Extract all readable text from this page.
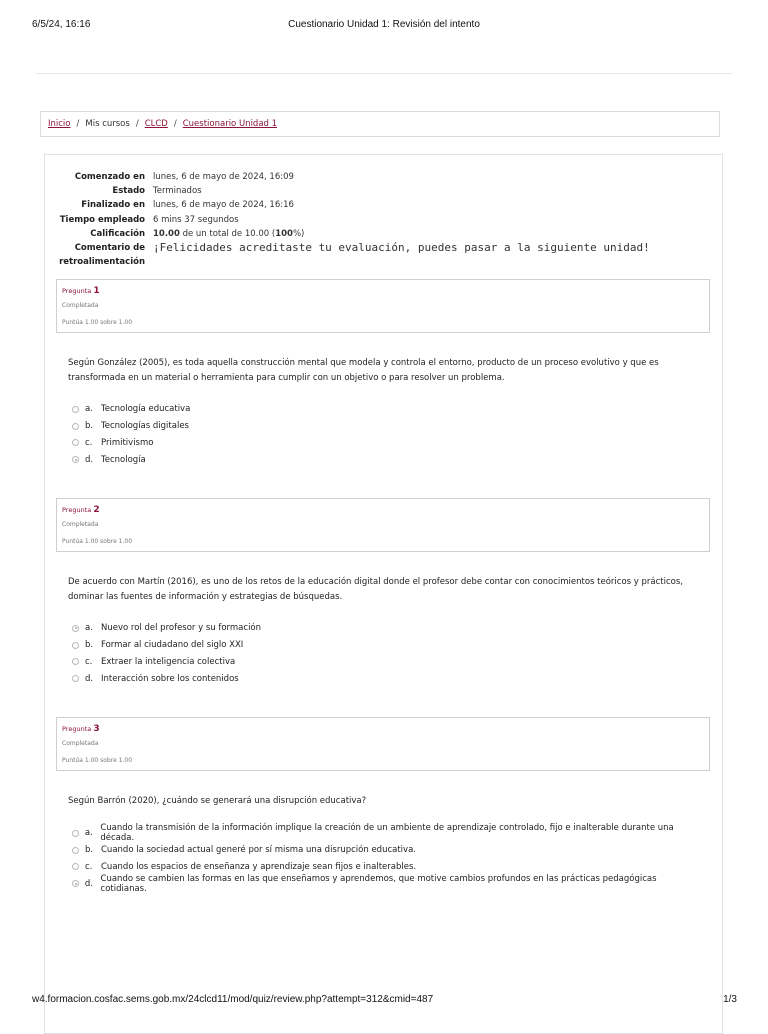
6/5/24, 16:16	Cuestionario Unidad 1: Revisión del intento
Inicio / Mis cursos / CLCD / Cuestionario Unidad 1
Comenzado en lunes, 6 de mayo de 2024, 16:09
Estado Terminados
Finalizado en lunes, 6 de mayo de 2024, 16:16
Tiempo empleado 6 mins 37 segundos
Calificación 10.00 de un total de 10.00 (100%)
Comentario de
retroalimentación
¡Felicidades acreditaste tu evaluación, puedes pasar a la siguiente unidad!
Pregunta 1
Completada
Puntúa 1.00 sobre 1.00
Según González (2005), es toda aquella construcción mental que modela y controla el entorno, producto de un proceso evolutivo y que es transformada en un material o herramienta para cumplir con un objetivo o para resolver un problema.
a. Tecnología educativa
b. Tecnologías digitales
c.	Primitivismo
d. Tecnología
Pregunta 2
Completada
Puntúa 1.00 sobre 1.00
De acuerdo con Martín (2016), es uno de los retos de la educación digital donde el profesor debe contar con conocimientos teóricos y prácticos, dominar las fuentes de información y estrategias de búsquedas.
a. Nuevo rol del profesor y su formación
b. Formar al ciudadano del siglo XXI
c.	Extraer la inteligencia colectiva
d. Interacción sobre los contenidos
Pregunta 3
Completada
Puntúa 1.00 sobre 1.00
Según Barrón (2020), ¿cuándo se generará una disrupción educativa?
a. Cuando la transmisión de la información implique la creación de un ambiente de aprendizaje controlado, fijo e inalterable durante una década.
b. Cuando la sociedad actual generé por sí misma una disrupción educativa.
c.	Cuando los espacios de enseñanza y aprendizaje sean fijos e inalterables.
d. Cuando se cambien las formas en las que enseñamos y aprendemos, que motive cambios profundos en las prácticas pedagógicas cotidianas.
w4.formacion.cosfac.sems.gob.mx/24clcd11/mod/quiz/review.php?attempt=312&cmid=487	1/3
